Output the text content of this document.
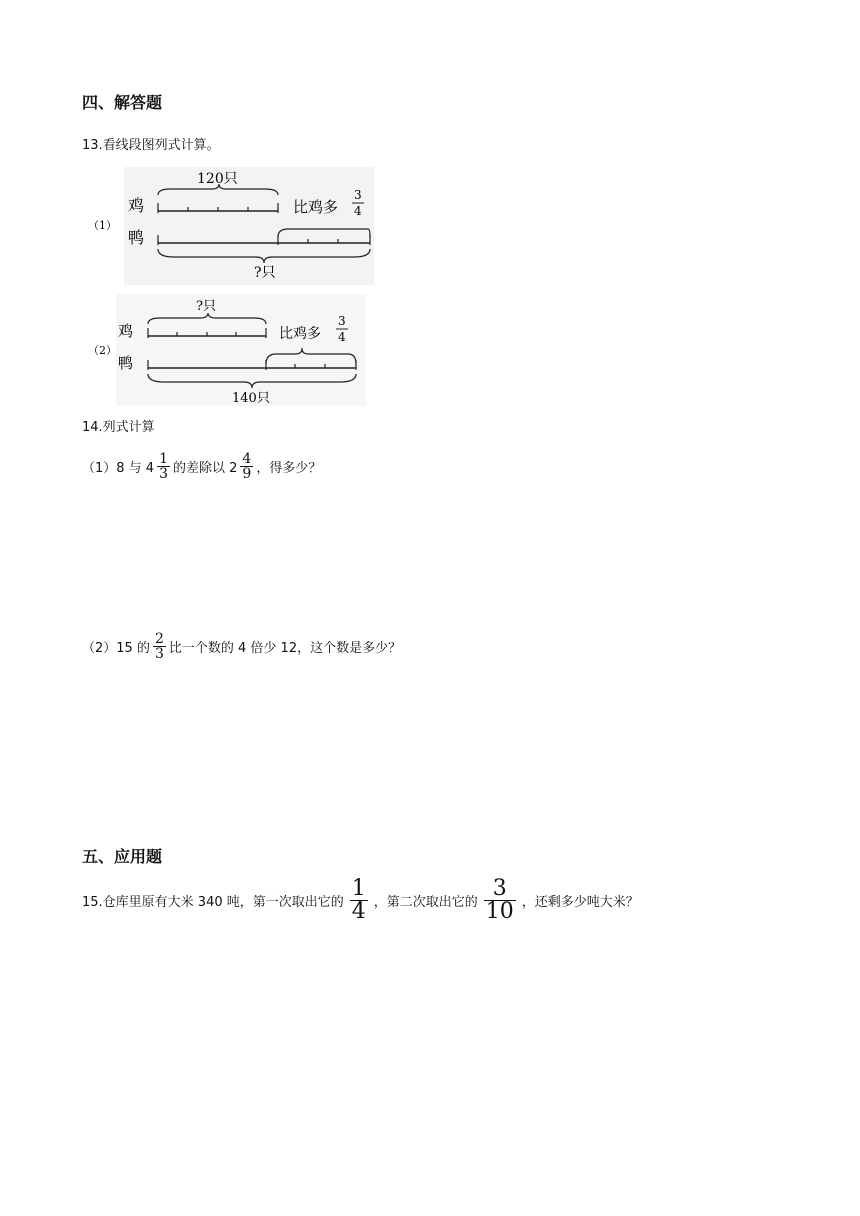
四、解答题
13.看线段图列式计算。
（1）
鸡
鸭
120只
比鸡多
3
4
?只
（2）
鸡
鸭
?只
比鸡多
3
4
140只
14.列式计算
（1）8 与 $4 \frac{1}{3}$ 的差除以 $2 \frac{4}{9}$ ，得多少？
（2）15 的 $\frac{2}{3}$ 比一个数的 4 倍少 12，这个数是多少？
五、应用题
15.仓库里原有大米 340 吨，第一次取出它的 $\frac{1}{4}$ ，第二次取出它的 $\frac{3}{10}$ ，还剩多少吨大米？
